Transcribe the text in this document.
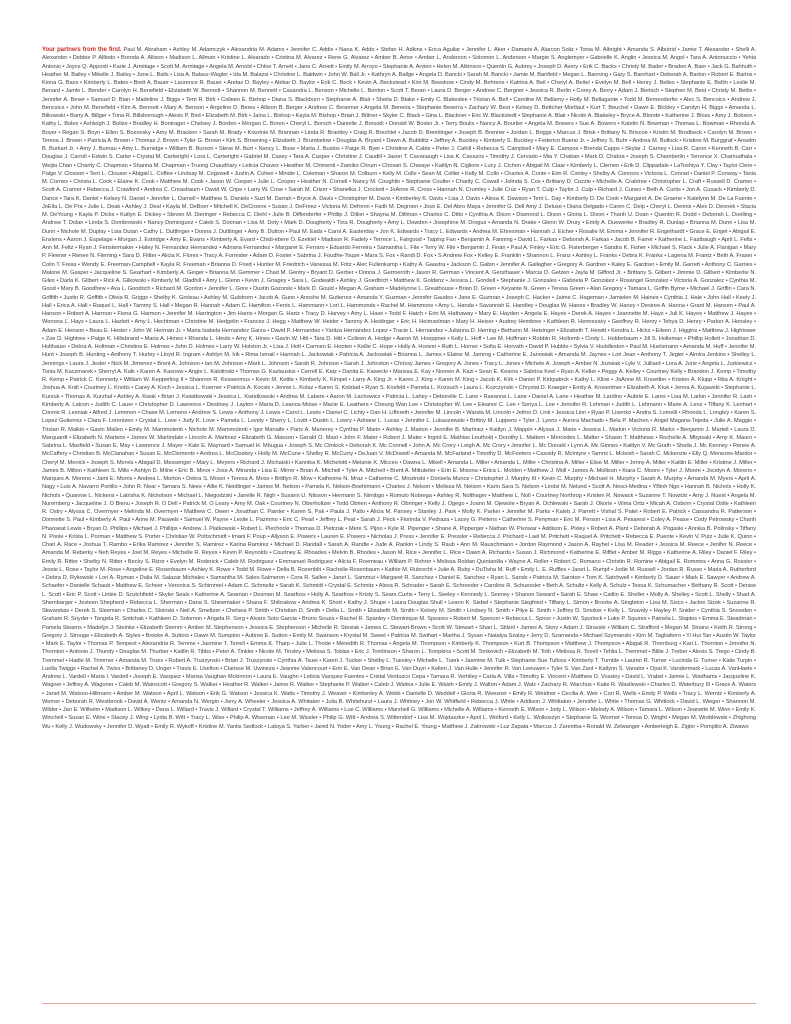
Your partners from the first. Paul M. Abraham • Ashley M. Adamczyk • Alexandria M. Adams • Jennifer C. Addis • Nana K. Addo • Stefan H. Adkins • Erica Aguilar • Jennifer L. Aker • Damaris A. Alarcon Soliz • Tonia M. Albright • Amanda S. Albutrid • Jamie T. Alexander • Shelli A. Alexander • Debbie P. Alfiedo • Brenda A. Allison • Madison L. Allman • Kristine L. Alvarado • Cristina M. Alvarez • Rene G. Alvarez • Amber B. Amor • Amber L. Anderson • Solomon L. Anderson • Margie S. Anglemyer • Gabrielle K. Anglin • Jessica M. Angol • Tara A. Antonuccio • Yehia Antonio • Joyce Q. Apposti • Karie J. Armitage • Scott M. Armitage • Angela M. Arnold • Chloe T. Arnett • Jane C. Arnett • Emily M. Arroyo • Stephanie A. Arvien • Helen M. Atkinson • Quentin G. Aubrey • Joseph D. Avery • Erik C. Backs • Christy M. Bader • Braden A. Baer • Jack G. Bahhuth • Heather M. Bailey • Mikelle J. Bailey • June L. Bails • Lisa A. Balasz-Wagler • Ida M. Balazsi • Christine L. Baldwin • John W. Ball Jr. • Kathryn A. Ballge • Angela D. Bancki • Sarah M. Bancki • Jamie M. Banfield • Megan L. Banning • Gary S. Barnhart • Deborah A. Barton • Robert E. Bartos • Kiona G. Bass • Kimberly L. Bates • Brett A. Bauer • Laurence R. Bauer • Aretas D. Bayley • Abikar D. Baylor • Erik C. Beck • Kevin A. Beckstead • Kim M. Beeskow • Cindy M. Behrens • Katrina A. Beil • Cheryl A. Beitel • Evelyn M. Bell • Henry J. Belles • Stephanie E. Bellin • Leslie M. Benard • Jamie L. Bender • Carolyn H. Benefield • Elizabeth W. Bennett • Shannon M. Bennett • Casandra L. Benson • Michelle L. Benton • Scott T. Beran • Laura D. Berger • Andrew C. Bergner • Jessica R. Berlin • Corey A. Berry • Adam J. Bertsch • Stephen M. Best • Christy M. Bettis • Jennifer A. Bever • Samuel D. Bian • Madeline J. Biggs • Terri R. Birk • Colleen E. Bishop • Diana S. Blackburn • Stephanie A. Blair • Sheila D. Blake • Emily C. Blakeslee • Tristan A. Bell • Caroline M. Bellamy • Holly M. Bellagante • Todd M. Bemenderfer • Alec S. Bencsics • Andrew J. Bencsics • John M. Benefield • Kim A. Bennett • Mary A. Benson • Angeline D. Beres • Allison B. Berger • Andrew C. Besemer • Angela M. Beneria • Stephanie Beserra • Zachary W. Best • Kelsey D. Bettcher Mortlaut • Kurt T. Beuchel • Dawn E. Bickley • Carolyn H. Biggs • Amanda L. Bilkowski • Barry A. Billger • Trina R. Billsborough • Alexis P. Bird • Elizabeth M. Birk • Jaina L. Bishop • Kayla M. Bishop • Brian J. Bittner • Skyler C. Black • Gina L. Blackner • Eric W. Blackstedt • Stephanie A. Blair • Nicole A. Blakeley • Bryce A. Blonde • Katherine J. Bloss • Amy J. Bobson • Kathy L. Boles • Ashleigh J. Bolize • Bradley H. Bontrager • Chelsey J. Borden • Morgan C. Boren • Cheryl L. Borsch • Danielle J. Borsodi • Donald W. Bosler Jr. • Terry Boulis • Nancy A. Bourlier • Angela M. Bowers • Sue A. Bowers • Katelin N. Bowman • Thomas L. Bowman • Rhonda A. Boyer • Regan S. Boyn • Ellen S. Bozovsky • Amy M. Bracken • Sarah M. Brady • Kourtnie M. Brannan • Linda R. Brantley • Craig R. Brechtel • Jacob D. Bremlinger • Joseph B. Brenner • Jordan L. Briggs • Marcus J. Brisk • Brittany N. Briscoe • Kristin M. Brodbeck • Carolyn M. Brown • Teresa J. Brown • Patricia A. Brown • Thomas J. Brown • Tyler G. Brown • Kirk S. Browning • Elizabeth J. Brumbelow • Douglas A. Bryant • Dawn A. Bubblitz • Jeffrey A. Buckley • Kimberly S. Buckley • Federico Bueno Jr. • Jeffrey S. Buhr • Andrea M. Bullock • Kristine M. Burggraf • Anselm B. Burkart Jr. • Amy J. Burnau • Amy L. Burnidge • William B. Burson • Steve M. Burt • Nancy L. Buse • Marta J. Bustos • Paige R. Byer • Christine A. Cable • Peter J. Cahill • Rebecca S. Campbell • Mary E. Campos • Brenda Capps • Skylar J. Carney • Lisa R. Caron • Kenneth B. Carr • Douglas J. Carroll • Edwin S. Carter • Crystal M. Cartwright • Lora L. Cartwright • Gabriel M. Casey • Tara A. Casper • Christine J. Caudill • Jason T. Cavanaugh • Lisa K. Cavazos • Timothy J. Cervado • Mia Y. Chaban • Mark D. Chabra • Joseph S. Chamberlin • Terrence X. Chamudhala • Weijia Chan • Charity C. Chapman • Shanna M. Chapman • Truong Chaudhary • Leticia Chavez • Heather M. Chimenti • Zamiko Chrum • Chosan S. Chwaye • Kaitlyn N. Cigliore • Lucy J. Cichon • Abigail M. Claar • Kimberly L. Clemen • Erik D. Clippadale • LaToshiya Y. Clay • Taylor Clere • Paige V. Closson • Terri L. Clouser • Abigail L. Coffee • Lindsay M. Cogswell • Justin A. Cohee • Mindie L. Coleman • Sharon M. Colburn • Kelly M. Colle • Sean M. Collier • Kelly M. Collo • Charles A. Conte • Erin R. Conley • Shelby A. Connors • Victoria L. Conrad • Daniel P. Conway • Tania M. Cornes • Christa L. Cook • Elaine K. Cook • Matthew M. Cook • Jason W. Cooper • Julie L. Cooper • Heather N. Cornell • Nancy M. Coughlin • Stephanie Coulter • Charity C. Cowall • Jolinda S. Cox • Brittany D. Cozzie • Michelle A. Crabtree • Christopher L. Craft • Russell D. Cramer • Scott A. Cramer • Rebecca J. Crawford • Andrea C. Creasbaum • David W. Cripe • Larry W. Crise • Sarah M. Crizer • Shanelka J. Crockett • JoAnne R. Cross • Hannah N. Crumley • Julie Cruz • Ryan T. Culp • Taylor J. Culp • Richard J. Cuneo • Beth A. Curtis • Jon A. Cusack • Kimberly D. Dance • Tara K. Daniel • Kelsey N. Daniel • Jennifer L. Darnell • Matthew S. Daniels • Suzi M. Darrah • Bryce A. Davis • Christopher M. Davis • Kimberley K. Davis • Lisa J. Davis • Alexa K. Dawson • Terri L. Day • Kimberly D. De Cook • Margaret A. De Graene • Katelynn M. De La Fuente • JoElla L. De Pra • Julie L. Deak • Ashley J. Deal • Kayla M. DeBoer • Mitchell K. DeCroene • Susan J. DeFreez • Victoria M. Defrenn • Faith M. Degroen • Jose E. Del Abro Maya • Jennifer G. Dell Amy J. Deluse • Diana Delgado • Caren C. Delp • Cheryl L. Dennis • Alex D. Deonek • Stacia M. DeYoung • Kayla P. Dicks • Katlyn E. Dickey • Steven M. Dieringer • Rebecca C. Diehl • Julie B. Diffenderfer • Phillip J. Dillon • Shayna M. Dillman • Charles C. Ditto • Cynthia A. Dixon • Diamond L. Dixon • Gloria L. Dixon • Thanh U. Doan • Quentin R. Dodd • Deborah L. Doelling • Andrew T. Dolan • Linda S. Dombrowski • Nancy Dominguez • Caleb S. Doonan • Lisa M. Doty • Mark D. Dougherty • Tina R. Dougherty • Amy L. Dowden • Josephine M. Drogus • Amanda N. Drake • Glenn W. Drury • Emily A. Duewerke • Bradley R. Dunlap • Brianna M. Dunn • Lisa M. Dunn • Nichole M. Duplay • Lisa Dutan • Cathy L. Duttlinger • Donna J. Duttlinger • Amy B. Dutton • Paul M. Eads • Carol A. Easterday • Jon K. Edwards • Tracy L. Edwards • Andrea M. Ehresman • Hannah J. Eicher • Rosalie M. Emma • Jennifer R. Engelhardt • Grace E. Engel • Abigail E. Enslens • Aaron J. Espelage • Morgan J. Estridge • Amy E. Evans • Kimberly A. Evard • Chidi-ebere O. Ezekiel • Madison R. Fadely • Terrece L. Fairgood • Taiping Fan • Benjamin A. Fanning • David L. Farkas • Deborah A. Farkas • Jacob B. Farrer • Katherine L. Fastbaugh • April L. Felts • Ann M. Feltz • Ryan J. Fenstermaker • Haley N. Fernandez Hernandez • Adriana Fernandez • Margaret E. Ferraro • Eduardo Ferreira • Samantha L. File • Terry W. File • Benjamin J. Finan • Paul A. Finley • Eric G. Fisterberger • Sandra K. Fisher • Michael S. Flack • Julie A. Flanigan • Mary P. Fleener • Renee N. Fleming • Sara D. Flitter • Alicia K. Flores • Tracy A. Forrester • Adam D. Foster • Sabrina J. Foudhe-Toupe • Mara S. Fox • Randi D. Fox • S Andrew Fox • Kelley E. Franklin • Shannon L. Franz • Ashley L. Franks • Debra K. Franks • Lagena M. Frantz • Beth A. Fraser • Colin T. Freas • Wendy E. Freeman-Campbell • Kayla R. Freeman • Brianna D. Fried • Hunter M. Friedrich • Vanessa M. Fritz • Alec Fullenkamp • Kathy A. Gaastra • Jackson C. Gabin • Jennifer A. Gallagher • Gregory A. Gardner • Kaley E. Gardner • Emily M. Garrett • Anthony C. Garries • Malone M. Gasper • Jacqueline S. Gearhart • Kimberly A. Geiger • Brianna M. Gemmer • Chad M. Gentry • Bryant D. Gerber • Donna J. Germeroth • Jason R. German • Vincent A. Gersthauer • Marcia D. Getzen • Jayla M. Gifford Jr. • Brittany S. Gilbert • Jimmie D. Gilbert • Kimberlie N. Giles • Darla K. Gilbert • Rick A. Gilkowski • Kimberly M. Gladhill • Amy L. Glenn • Kevin J. Gnagey • Sara L. Godwaldt • Ashley J. Goedtrich • Matthew K. Goldenz • Jessica L. Gondell • Stephanie J. Gonzales • Gabriela P. Gonzalez • Rosangel Gonzalez • Victoria A. Gonzalez • Cynthia M. Good • Mary B. Goodhew • Ava L. Goodrich • Richard M. Gordon • Jennifer L. Gore • Dustin Gozorski • Mark D. Gould • Megan A. Graham • Madelynne L. Greathouse • Brian D. Green • Keyante N. Green • Teresa Green • Alan Gregory • Tamara L. Griffin Byrne • Michael J. Griffin • Cara N. Griffith • Justin R. Griffith • Olivia R. Griggs • Shelby K. Groleau • Ashley M. Gulstrom • Jacob A. Gunn • Anoshe M. Gutierrez • Amanda Y. Guzman • Jennifer Gaudes • Jane E. Guzman • Joseph C. Hacker • Jaime C. Hageman • Jamielen M. Haines • Cynthia J. Hale • John Hall • Keely J. Hall • Erica A. Hall • Raquel L. Hall • Tammy S. Hall • Megan R. Hannah • Adam C. Hamilton • Ferris L. Hammann • Lori L. Hammonds • Rachel M. Hammons • Amy L. Handa • Savannah E. Handley • Douglas W. Hanes • Bradley W. Haney • Desiree A. Hanna • Grant M. Hansen • Paul A. Hanson • Robert A. Harmon • Fiona G. Harmon • Jennifer M. Harrington • Jim Harris • Morgan G. Hartz • Tracy D. Harvey • Amy L. Hase • Todd F. Hatch • Erin M. Hathaway • Mary E. Hayden • Angela E. Hayes • Derek A. Hayes • Jeannette M. Hays • Juli K. Hayes • Matthew J. Hayes • Wenona L. Hays • Laura L. Hazlett • Amy L. Hechtman • Christine M. Hedgelin • Frances J. Hegg • Matthew W. Heider • Tammy A. Heidinger • Eric H. Heimzelman • Mary H. Heiser • Audrey Hembree • Kathleen R. Hennessey • Geoffrey R. Henry • Tehya D. Henry • Parker A. Hensley • Adam E. Henson • Beau E. Hester • John W. Herman Jr. • Maria Isabela Hernandez Garza • David P. Hernandez • Yaritza Hernandez Lopez • Tracie L. Hernandez • Julianna D. Herring • Bethann M. Hetzinger • Elizabeth T. Hewitt • Kendra L. Hicks • Eileen J. Higgins • Matthew J. Hightower • Zoe D. Hightree • Paige K. Hillebrand • Maria A. Himes • Rhanda L. Hinds • Amy K. Hines • Gavin W. Hitt • Tara D. Hitt • Colleen A. Hodge • Aaron M. Hoeppner • Kelly L. Hoff • Lee M. Hoffman • Robbin R. Hollomb • Cindy L. Holderbaum • Jill S. Holleman • Phillip Hollett • Jonathan D. Holthauer • Debra A. Holtman • Christine E. Holmes • John D. Holmes • Larry W. Holston Jr. • Lisa J. Holt • Carmen E. Hooten • Kellie C. Hope • Holly A. Hoover • Ruth L. Horner • Sofia E. Horvath • David P. Hubble • Sylvia V. Huddleston • Paul M. Huelsmann • Amanda M. Huff • Jennifer M. Hunt • Joseph B. Hunting • Anthony T. Hurley • Lloyd R. Ingram • Ashlyn M. Irik • Rima Ismail • Hannah L. Jackowiak • Patricia A. Jackowiak • Brianna L. James • Elaine M. Jamrog • Catherine E. Janowiak • Amanda M. Jaynes • Lori Jean • Anthony T. Jegier • Almira Jenkins • Shelley L. Jennings • Laura J. Jester • Nick M. Jimenez • Brent A. Johnson • Ian M. Johnson • Mark L. Johnson • Sarah R. Johnson • Sarah J. Johnston • Chrissy James • Gregory A. Jones • Tracy L. Jones • Michele A. Joseph • Amber N. Jozwiak • Lyle V. Julliard • Lora A. Jurie • Angela L. Jurkiewicz • Tonia M. Kaczmarek • Sherryl A. Kalk • Karen A. Kasnow • Angie L. Katolinski • Thomas G. Kazlauskis • Cerrell E. Katz • Danita E. Kawecki • Marissa E. Kay • Noreen A. Kazi • Sean E. Kearns • Sabrina Keel • Ryan A. Keller • Peggy A. Kelley • Courtney Kelly • Brandon J. Kemp • Timothy R. Kemp • Patrick C. Kennedy • William W. Kepperling II • Shannon R. Kessenmus • Kevin M. Kettle • Kimberly K. Kimpel • Larry A. King Jr. • Karen J. King • Karen M. King • Jacob K. Kirk • Daniel P. Kirkpatrick • Kathy L. Kline • JoAnne M. Knoettler • Kristen A. Klupp • Rita A. Knight • Joshua A. Knill • Courtney L. Knotts • Carey A. Koch • Jessica L. Koerner • Patricia A. Kocsis • Jennie L. Kolaz • Karen S. Kolstad • Ryan S. Kosfeld • Pamela L. Kozsuch • Laura L. Kozczynski • Chrystal D. Kraeger • Emily A. Krosentner • Elizabeth A. Kruk • Jenna A. Kujawski • Stephanie L. Kurzuk • Thomas A. Kurzhal • Ashley A. Kwak • Brian J. Kwiatkowski • Jessica L. Kwiatkowski • Andrea M. Labere • Aaron M. Lachowicz • Patricia L. Lahey • Deborelle C. Lane • Raeanna L. Lane • Daniel A. Lane • Heather M. Lardino • Aubrie E. Lares • Lisa M. Larkin • Jennifer R. Lash • Kimberly A. Latcon • Judith C. Lauer • Christopher D. Lawrence • Destiney J. Layton • Maria D. Leanos-Moise • Macie E. Leathers • Cheung Wan Lee • Christopher W. Lee • Eleanor C. Lee • Sonya L. Lee • Jennifer R. Lehman • Judith L. Lehmann • Marie A. Lenz • Tiffany K. Lenhart • Connie R. Lesniak • Alfred J. Lemmon • Chase M. Lemons • Andrew S. Lewis • Anthony J. Lewis • Carol L. Lewis • Daniel C. Lichty • Dan H. Liffereth • Jennifer M. Lincoln • Wanda M. Lincoln • Jethro D. Link • Jessica Linn • Ryan P. Lisenko • Andra S. Lomelli • Rhonda L. Longley • Karen S. Lopez Gutierrez • Clara F. Lorentzen • Crystal L. Love • Judy K. Love • Pamela L. Lovely • Sherry L. Lovitt • Dustin L. Lowry • Adriane L. Lucas • Jennifer L. Lukaszewski • Brittny M. Luppens • Tyler J. Lyons • Aurora Machado • Bela P. Machen • Angel Magana-Tejeda • Julie A. Maggio • Tristan R. Malkin • Gavin Mallen • Emily M. Mammolenti • Nichole M. Mammolenti • Igor Manaife • Paris A. Manerey • Cynthia P. Marin • Ashley J. Marion • Jennifer B. Martinez • Kaitlyn J. Mappin • Alyssa J. Marie • Jessica L. Markin • Victoria R. Marks • Benjamin J. Martell • Laura D. Marquardt • Elizabeth N. Martens • James W. Martindale • Lincoln A. Martinez • Elizabeth G. Masson • Gerald O. Mast • John F. Mater • Robert J. Mater • Ingrid E. Mathias Leuthold • Dorothy L. Mattern • Mercedes L. Matter • Shawn T. Matthews • Rochelle A. Mbyisaki • Amy K. Mauro • Sabrina L. Maxfield • Susan E. May • Lawrence J. Mayer • Kale E. Maynard • Samuel H. Mbugua • Joseph S. Mc Clintock • Deborah K. Mc Connell • John A. Mc Crory • Leigh A. Mc Crory • Jennifer L. Mc Donald • Lynn A. Mc Ginnes • Kaitlyn V. Mc Grath • Sheila J. Mc Kenney • Renee A. McCaffery • Christian B. McClanahan • Susan E. McClements • Andrea L. McCloskey • Holly M. McCune • Shelby R. McCurry • DeJuan V. McDowell • Amanda M. McFarland • Timothy D. McFeeters • Cassidy R. McIntyre • Tammi L. Mcleish • Sarah C. Mckenzie • Elly Q. Menezes-Mardor • Cheryl M. Menick • Joseph S. Mervis • Abigail D. Messenger • Mary L. Meyers • Richard J. Michalski • Kannika K. Michelotti • Melanie K. Micceo • Dawna L. Mikell • Amanda L. Miller • Amanda L. Miller • Christina A. Miller • Elise M. Miller • Jenny A. Miller • Kaitlin E. Miller • Kristine J. Miller • James B. Milton • Kathleen S. Mills • Ashlyn D. Milne • Eric B. Minor • Jose A. Miranda • Lisa E. Mirrer • Brian A. Mitchell • Tyler A. Mitchell • Brent A. Mittuleiter • Erin E. Mixona • Erica L. Molden • Matthew J. Moll • James A. Mollison • Kiara C. Moore • Tyler J. Moore • Jocelyn A. Moreno • Marques A. Moreno • Jami E. Morris • Andrea L. Morton • Debra S. Moser • Teresa A. Moss • Brittlyn R. Mow • Katherine N. Mraz • Catherine C. Mrozinski • Dorisela Munoz • Christopher J. Murphy III • Kevin C. Murphy • Michael H. Murphy • Sarah A. Murphy • Amanda M. Myers • April A. Nagy • Luis A. Navarro Portillo • John R. Near • Tamara S. Nees • Allie K. Neidlinger • James M. Nelson • Pamela K. Nelson-Boehlmann • Charles J. Nelson • Melissa M. Nelson • Karin Sara S. Nelson • Lindsi M. Nelund • Scott A. Nesci-Medina • YBinh Ngo • Hannah B. Nichols • Holly K. Nichols • Quannie L. Nickens • Latrisha K. Nickolson • Michael L. Niegodzski • Janelle R. Nigh • Susann U. Nilsson • Hermann S. Nimibgo • Romulo Nobrega • Ashley R. Nolthager • Matthew L. Noll • Courtney Northrop • Kristen R. Nowack • Suzanne T. Nowicki • Amy J. Nuest • Angela M. Nuremberg • Jacqueline J. O Bienu • Joseph R. O Dell • Patrick M. O Leary • Amy M. Oak • Courtney N. Oberholtzer • Todd Obrien • Anthony R. Obringer • Kelly J. Ogego • Joann M. Ojewole • Bryan A. Ochlewski • Sarah J. Okorie • Vilma Ortiz • Micah A. Osborn • Crystal Ostle • Kathleen R. Ostry • Alyssa C. Overmyer • Melinda M. Overmyer • Matthew C. Owen • Jonathan C. Painter • Karen S. Pak • Paula J. Pallo • Alicia M. Pansey • Stanley J. Park • Molly K. Parker • Jennifer M. Parks • Kaleb J. Parrett • Vishal S. Patel • Robert E. Patrick • Cassandra R. Patterson • Donnette S. Paul • Kimberly A. Paul • Anne M. Pauwels • Samuel W. Payne • Leslie L. Pazmino • Eric C. Pearl • Jeffrey L. Peat • Sarah J. Peck • Florinda V. Pedraza • Lacey G. Peitens • Catherine S. Penyman • Eric M. Person • Lisa A. Pesaresi • Coley A. Pease • Cody Petrowsky • Chanh Phaoseat Lewis • Bryan D. Phillips • Michael J. Phillips • Andrew J. Piatkowski • Robert L. Piechocki • Thomas D. Pietrzak • Mere S. Pijoo • Kyle R. Pipenger • Shane A. Pipperger • Nathan W. Pivowar • Addison E. Pixley • Robert A. Plant • Deborah A. Pogaski • Annika B. Polinsky • Tiffany N. Poole • Krista L. Porman • Matthew S. Porter • Christian W. Pottschmidt • Imani F. Poup • Allyson E. Powers • Lauren E. Powers • Nicholas J. Press • Jennifer E. Pressler • Rebecca J. Prichard • Lael M. Pritchett • Raquel A. Pritchett • Rebecca E. Puente • Kevin V. Putz • Julie K. Quinn • Chari A. Race • Joshua T. Rambo • Erika Ramirez • Jennifer S. Ramirez • Karina Ramirez • Michael D. Randall • Sarah A. Randle • Jude A. Rankin • Lindy S. Raub • Ann M. Rauschmann • Jordon Raymond • Jason A. Rayhel • Lisa M. Reader • Jessica M. Reece • Jenifer N. Reece • Amanda M. Reberky • Neh Reyes • Joel M. Reyes • Michelle R. Reyes • Kevin P. Reynolds • Courtney E. Rhoades • Melvin B. Rhodes • Jason M. Rice • Jennifer L. Rice • Dawn A. Richards • Susan J. Richmond • Katherine E. Rifflet • Amber M. Riggs • Katherine A. Riley • Daniel F. Riley • Emily R. Ritter • Shelby N. Ritter • Becky S. Rizor • Evelyn M. Roderick • Caleb M. Rodriguez • Emmanuel Rodriguez • Alicia F. Roemeau • William P. Rohrer • Melissa Roldan Quintanilla • Wayne A. Roller • Robert C. Romano • Christin R. Romine • Abigail E. Rommes • Anna G. Rossier • Jessie L. Rose • Taylor M. Rose • Angeline E. Rosenbaum • Ashley K. Rowe • Todd M. Rowe • Della B. Rozenblit • Rachelle Rosenbaum • Kathie M. Rubrecht • Julie A. Ruby • DuTisha M. Ruff • Emily L. E. Ruffles • Janet L. Rumpf • Jodie M. Russell • Jordan R. Russo • Maria A. Rutherford • Debra D. Rykowski • Lori A. Ryman • Dalia M. Salazar Michalec • Samantha M. Sales-Salmeron • Cora R. Sallee • Janet L. Sammut • Margaret R. Sanchez • Daniel E. Sanchez • Ryan L. Sands • Patricia M. Saroton • Tom K. Satchwell • Kimberly D. Sauer • Mark E. Sawyer • Andrew A. Schaefer • Danielle Schaub • Matthew E. Scheer • Veronica S. Schimmel • Adam C. Schmeltz • Sarah K. Schmidt • Crystal E. Schmitz • Alexa R. Schrader • Sarah E. Schroeder • Caroline R. Schuessler • Beth A. Schultz • Kelly A. Schulz • Tessa K. Schumacher • Bethany R. Scott • Denise L. Scott • Eric P. Scott • Linlee D. Scutchfield • Skyler Seals • Katherine A. Seaman • Desmen M. Searfoss • Holly A. Searfoss • Kristy S. Sears Curtis • Terry L. Seeley • Kennedy L. Seeney • Shanon Seward • Sarah E. Shaw • Caitlin E. Sheller • Molly A. Shelley • Scott L. Shelly • Shad A. Shembarger • Jesteen Shepherd • Rebecca L. Sherman • Dana S. Shewmaker • Shana F. Shibrakow • Andrea K. Short • Kathy J. Shupe • Laura Douglas Shull • Leann K. Siebel • Stephanie Siegfried • Tiffany L. Simon • Brooke A. Singleton • Lisa M. Sisco • Jaclee Sizek • Suzanne R. Skwarskas • Derek S. Sleeman • Charles C. Sloinski • Neil A. Smeltzer • Chelsea P. Smith • Christian D. Smith • Delta L. Smith • Elizabeth M. Smith • Kelsey M. Smith • Lindsey N. Smith • Pilye E. Smith • Jeffrey D. Smoker • Kelly L. Snavely • Hayley P. Snider • Cynthia S. Snowden • Graham R. Snyder • Tangela R. Sottchak • Kathleen D. Solomon • Angela R. Sorg • Alvaro Soto Garcia • Bruno Souza • Rachel R. Spanley • Dominique M. Speares • Robert M. Spencer • Rebecca L. Spicer • Justin W. Spurlock • Luke P. Squires • Pamela L. Staples • Emma E. Steadman • Pamela Stearns • Madelyn J. Steinke • Elizabeth Stemm • Amber M. Stephenson • Jessica E. Stephenson • Michelle R. Stesiak • James C. Stewart-Brown • Scott W. Stewart • Shari L. Stilzel • James A. Story • Adam J. Strassle • William C. Strafford • Megan M. Strains • Keith R. Strong • Gregory J. Strouge • Elizabeth A. Styles • Brooke A. Suttors • Dawn M. Sumpton • Aubree E. Sutton • Emily M. Swanson • Krystal M. Sweet • Patricia M. Swihart • Martha J. Sysan • Natalya Szalay • Jerry D. Szamanda • Michael Szymanski • Kim M. Tagliaferro • Yi Hui Tan • Austin W. Taylor • Mark E. Taylor • Thomas P. Tempest • Alexandria R. Temme • Jasmine T. Terrell • Emma K. Tharp • Julie L. Thode • Meredith R. Thomas • Angela M. Thompson • Kimberly K. Thompson • Kurt B. Thompson • Matthew J. Thompson • Abigail R. Thornburg • Kari L. Thornton • Jennifer N. Thornton • Antonio J. Thundy • Douglas M. Thurber • Kaitlin R. Tibbs • Peter A. Tinkler • Nicole M. Tinsley • Melissa S. Tobias • Eric J. Tomlinson • Sharon L. Tompkins • Scott M. Tonkovich • Elizabeth M. Toth • Melissa R. Tovell • Tehlia L. Tremmel • Billie J. Treber • Alexis S. Trego • Cindy B. Tremmel • Hadie M. Trimmer • Amanda M. Truex • Robert A. Truszynski • Brian J. Truszynski • Cynthia A. Tsuei • Karen J. Tucker • Shelby L. Tuesley • Michelle L. Tuerk • Jasmine M. Tulk • Stephanie Sue Tulloss • Kimberly T. Tumble • Lauren R. Turner • Lucinda G. Turner • Katie Turpin • Luella Twiggs • Rachel A. Twiss • Brittaney D. Unger • Travis E. Uselton • Clarisse M. Uwineza • Jeannie Valencourt • Erin E. Van Dean • Brian E. Van Duyn • Kellen J. Van Hulle • Jennifer R. Van Leeuwen • Tyler S. Van Zant • Katlynn S. Vanator • Opal K. Vandermark • Lucas A. VanHaele • Andrew L. Vardell • Maria I. Vardell • Joseph E. Vasquez • Mansa Vaughan Mckinnon • Laura E. Vaughn • Leticia Vazquez Fuentes • Cristal Verduzco Cepa • Tamara R. Verhiley • Carla A. Villa • Timothy E. Vincent • Matthew D. Vossley • David L. Vrabel • Jaimie L. Wadhams • Jacqueline K. Wagner • Jeffrey A. Wagoner • Caleb M. Wainscott • Gregory S. Walker • Heather R. Walker • Jaime R. Walker • Stephanie P. Walker • Caleb J. Walma • Julie E. Walsh • Emily J. Walton • Adam J. Walz • Zachary R. Warchus • Katie R. Wasilewski • Charles D. Waterbury III • Grace A. Waters • Janet M. Watson-Hillmann • Amber M. Watson • April L. Watson • Erik G. Watson • Jessica K. Watts • Timothy J. Weaver • Kimberley A. Webb • Danielle D. Weddell • Gloria R. Weesner • Emily R. Weidner • Cecilia A. Weir • Cori R. Wells • Emily P. Wells • Tracy L. Werntz • Kimberly A. Werner • Deborah R. Westbrook • David A. Wentz • Amanda N. Wergin • Jerry A. Wheeler • Jessica A. Whitaker • Julia B. Whitehurst • Laura J. Whitney • Jon W. Whitfield • Rebecca J. White • Addison J. Whittaker • Jennifer L. White • Thomas G. Whitlock • David L. Wieger • Shannon M. Wilder • Jan E. Wilhelm • Madison L. Wilkey • Dana L. Willard • Travis J. Willard • Crystal T. Williams • Jeffrey A. Williams • Lue C. Williams • Marshell G. Williams • Michelle A. Williams • Kenneth E. Wilson • Jody L. Wilson • Melody A. Wilson • Tamara L. Wilson • Jeanette M. Winn • Emily K. Winchell • Susan E. Wine • Stacey J. Wing • Lydia B. Witt • Tracy L. Wise • Philip A. Wiseman • Lee M. Wissler • Philip G. Witt • Andrea S. Wittendorf • Lisa M. Wojdaszke • April L. Wolford • Kelly L. Wolkoszyn • Stephanie G. Wormer • Teresa D. Wright • Megan M. Wroblewski • Zhighong Wu • Kelly J. Wudowsky • Jennifer D. Wyatt • Emily R. Wykoff • Kristine M. Yantis Sedlock • Latoya S. Yarber • Jared N. Yoder • Amy L. Young • Rachel E. Young • Matthew J. Zakrowski • Luz Zapata • Marcus J. Zaremba • Ronald W. Zelwanger • Amberleigh E. Zigler • Pompilio A. Ziwawo
